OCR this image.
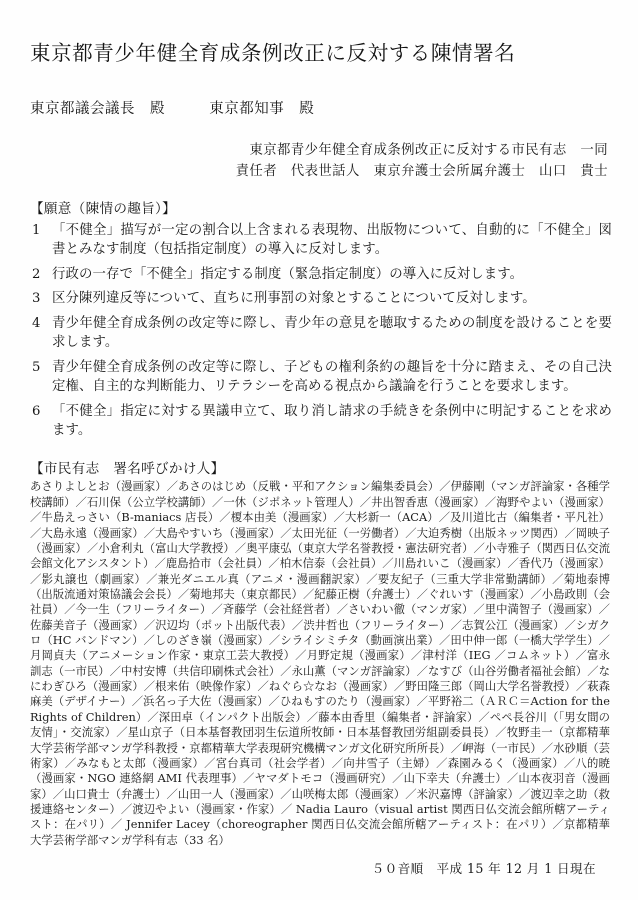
東京都青少年健全育成条例改正に反対する陳情署名
東京都議会議長　殿	東京都知事　殿
東京都青少年健全育成条例改正に反対する市民有志　一同
責任者　代表世話人　東京弁護士会所属弁護士　山口　貴士
【願意（陳情の趣旨）】
1 「不健全」描写が一定の割合以上含まれる表現物、出版物について、自動的に「不健全」図書とみなす制度（包括指定制度）の導入に反対します。
2 行政の一存で「不健全」指定する制度（緊急指定制度）の導入に反対します。
3 区分陳列違反等について、直ちに刑事罰の対象とすることについて反対します。
4 青少年健全育成条例の改定等に際し、青少年の意見を聴取するための制度を設けることを要求します。
5 青少年健全育成条例の改定等に際し、子どもの権利条約の趣旨を十分に踏まえ、その自己決定権、自主的な判断能力、リテラシーを高める視点から議論を行うことを要求します。
6 「不健全」指定に対する異議申立て、取り消し請求の手続きを条例中に明記することを求めます。
【市民有志　署名呼びかけ人】
あさりよしとお（漫画家）／あさのはじめ（反戦・平和アクション編集委員会）／伊藤剛（マンガ評論家・各種学校講師）／石川保（公立学校講師）／一休（ジポネット管理人）／井出智香恵（漫画家）／海野やよい（漫画家）／牛島えっさい（B-maniacs 店長）／榎本由美（漫画家）／大杉新一（ACA）／及川道比古（編集者・平凡社）／大島永遠（漫画家）／大島やすいち（漫画家）／太田光征（一労働者）／大迫秀樹（出版ネッツ関西）／岡映子（漫画家）／小倉利丸（富山大学教授）／奥平康弘（東京大学名誉教授・憲法研究者）／小寺雅子（関西日仏交流会館文化アシスタント）／鹿島拾市（会社員）／柏木信泰（会社員）／川島れいこ（漫画家）／香代乃（漫画家）／影丸譲也（劇画家）／兼光ダニエル真（アニメ・漫画翻訳家）／要友紀子（三重大学非常勤講師）／菊地泰博（出版流通対策協議会会長）／菊地邦夫（東京都民）／紀藤正樹（弁護士）／ぐれいす（漫画家）／小島政則（会社員）／今一生（フリーライター）／斉藤学（会社経営者）／さいわい徹（マンガ家）／里中満智子（漫画家）／佐藤美音子（漫画家）／沢辺均（ポット出版代表）／渋井哲也（フリーライター）／志賀公江（漫画家）／シガクロ（HC バンドマン）／しのざき嶺（漫画家）／シライシミチタ（動画演出業）／田中伸一郎（一橋大学学生）／月岡貞夫（アニメーション作家・東京工芸大教授）／月野定規（漫画家）／津村洋（IEG ／コムネット）／富永訓志（一市民）／中村安博（共信印刷株式会社）／永山薫（マンガ評論家）／なすび（山谷労働者福祉会館）／なにわぎひろ（漫画家）／根来佑（映像作家）／ねぐら☆なお（漫画家）／野田隆三郎（岡山大学名誉教授）／萩森麻美（デザイナー）／浜名っ子大佐（漫画家）／ひねもすのたり（漫画家）／平野裕二（ＡＲＣ＝Action for the Rights of Children）／深田卓（インパクト出版会）／藤本由香里（編集者・評論家）／ペペ長谷川（「男女間の友情」・交流家）／星山京子（日本基督教団羽生伝道所牧師・日本基督教団労組副委員長）／牧野圭一（京都精華大学芸術学部マンガ学科教授・京都精華大学表現研究機構マンガ文化研究所所長）／岬海（一市民）／水砂順（芸術家）／みなもと太郎（漫画家）／宮台真司（社会学者）／向井雪子（主婦）／森園みるく（漫画家）／八的暁（漫画家・NGO 連絡網 AMI 代表理事）／ヤマダトモコ（漫画研究）／山下幸夫（弁護士）／山本夜羽音（漫画家）／山口貴士（弁護士）／山田一人（漫画家）／山咲梅太郎（漫画家）／米沢嘉博（評論家）／渡辺幸之助（救援連絡センター）／渡辺やよい（漫画家・作家）／ Nadia Lauro（visual artist 関西日仏交流会館所轄アーティスト：在パリ）／ Jennifer Lacey（choreographer 関西日仏交流会館所轄アーティスト：在パリ）／京都精華大学芸術学部マンガ学科有志（33 名）
５０音順　平成 15 年 12 月 1 日現在
